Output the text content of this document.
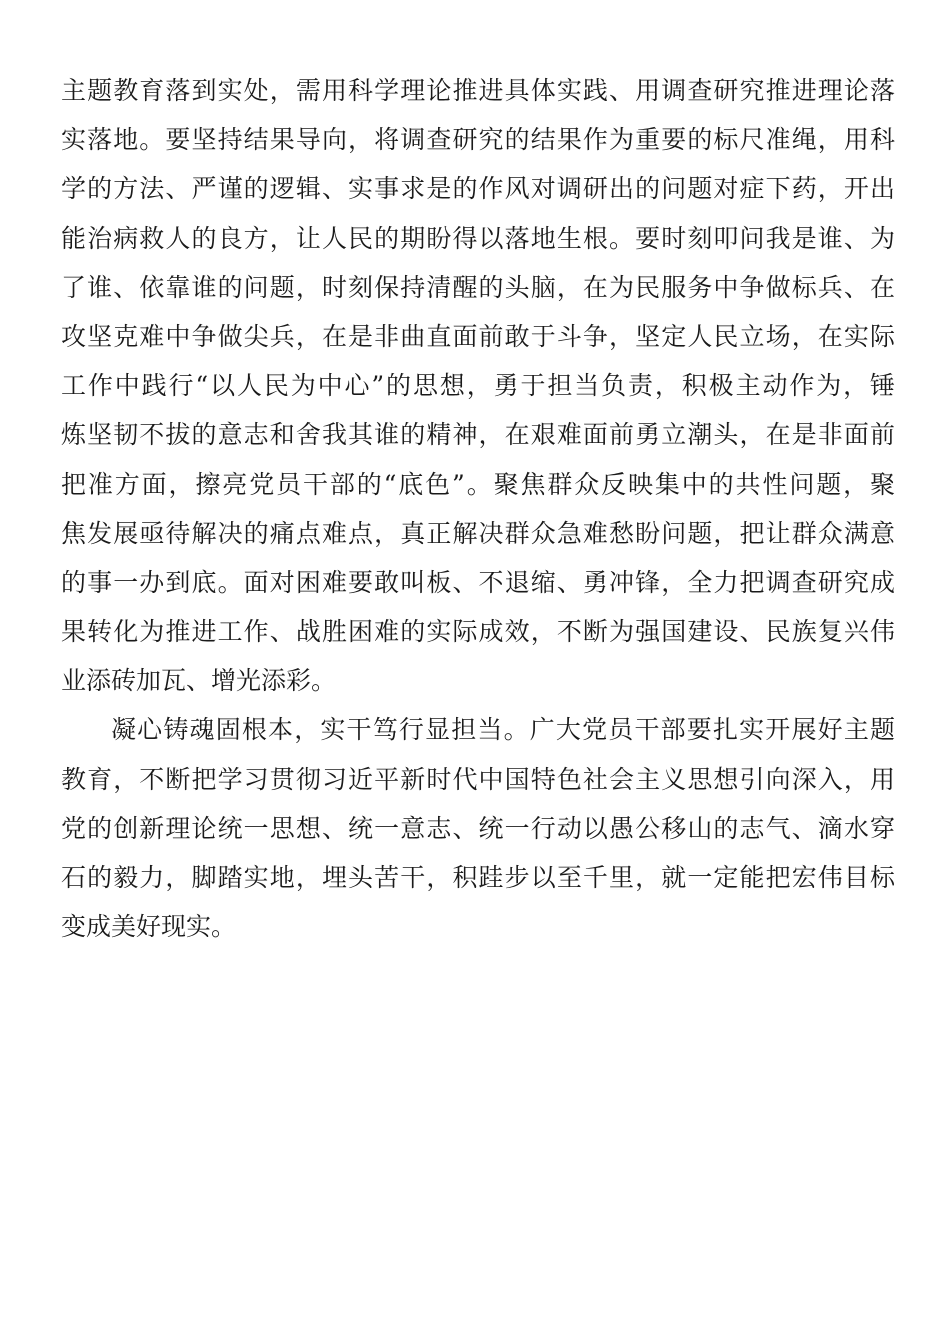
主题教育落到实处，需用科学理论推进具体实践、用调查研究推进理论落
实落地。要坚持结果导向，将调查研究的结果作为重要的标尺准绳，用科
学的方法、严谨的逻辑、实事求是的作风对调研出的问题对症下药，开出
能治病救人的良方，让人民的期盼得以落地生根。要时刻叩问我是谁、为
了谁、依靠谁的问题，时刻保持清醒的头脑，在为民服务中争做标兵、在
攻坚克难中争做尖兵，在是非曲直面前敢于斗争，坚定人民立场，在实际
工作中践行“以人民为中心”的思想，勇于担当负责，积极主动作为，锤
炼坚韧不拔的意志和舍我其谁的精神，在艰难面前勇立潮头，在是非面前
把准方面，擦亮党员干部的“底色”。聚焦群众反映集中的共性问题，聚
焦发展亟待解决的痛点难点，真正解决群众急难愁盼问题，把让群众满意
的事一办到底。面对困难要敢叫板、不退缩、勇冲锋，全力把调查研究成
果转化为推进工作、战胜困难的实际成效，不断为强国建设、民族复兴伟
业添砖加瓦、增光添彩。
凝心铸魂固根本，实干笃行显担当。广大党员干部要扎实开展好主题
教育，不断把学习贯彻习近平新时代中国特色社会主义思想引向深入，用
党的创新理论统一思想、统一意志、统一行动以愚公移山的志气、滴水穿
石的毅力，脚踏实地，埋头苦干，积跬步以至千里，就一定能把宏伟目标
变成美好现实。
